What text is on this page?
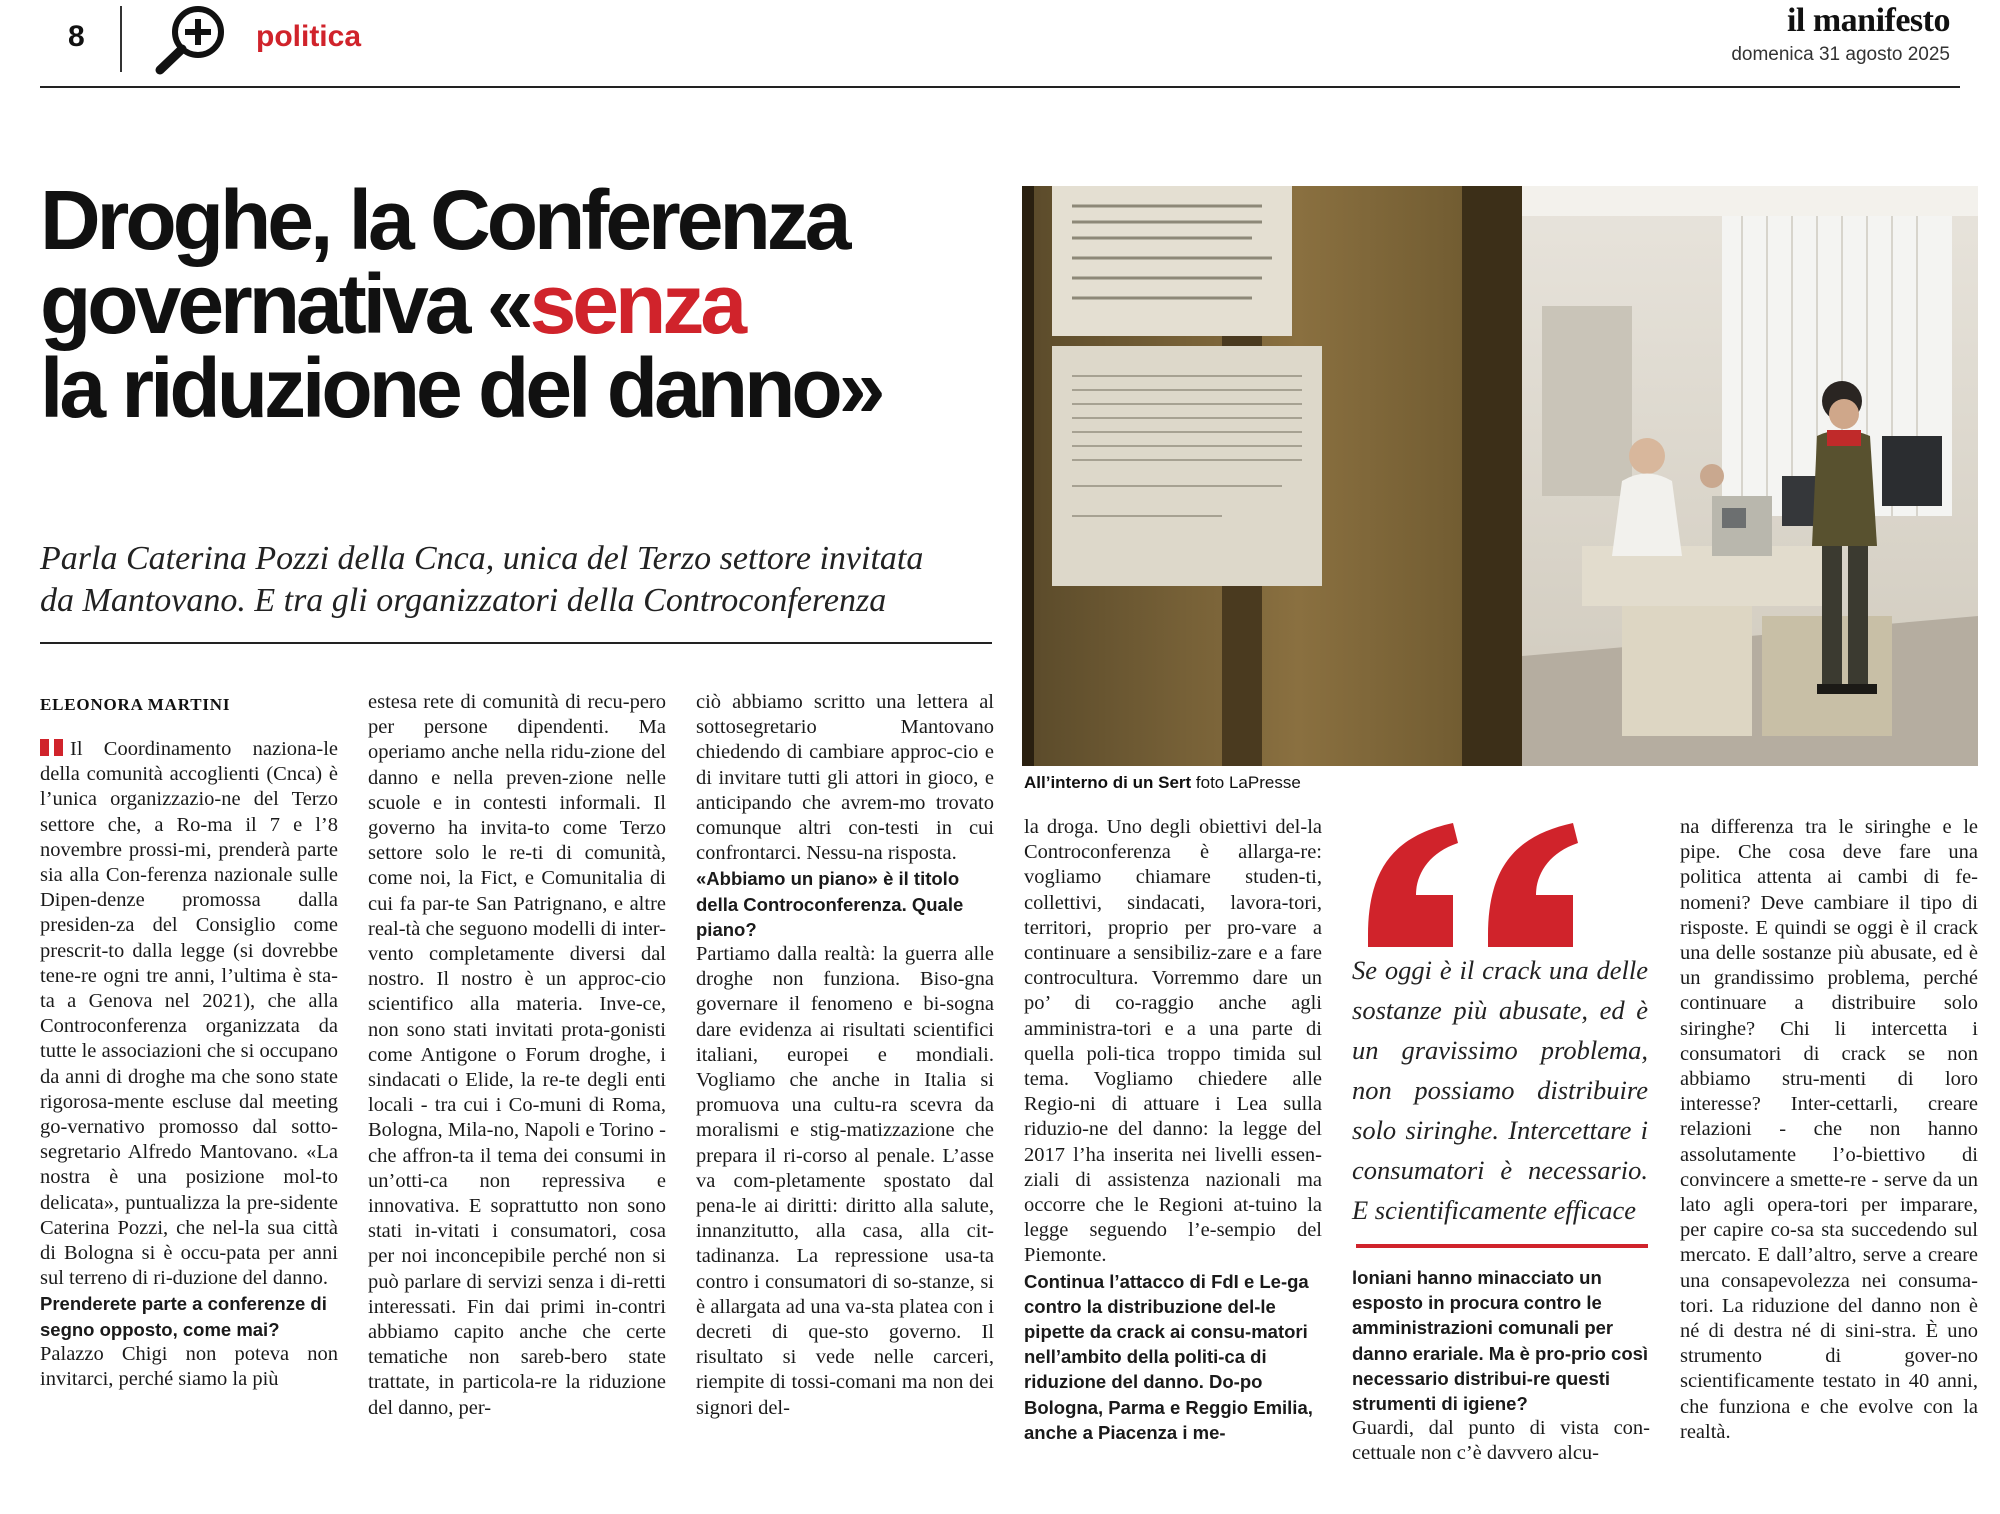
8	politica	il manifesto
domenica 31 agosto 2025
Droghe, la Conferenza
governativa «senza
la riduzione del danno»
Parla Caterina Pozzi della Cnca, unica del Terzo settore invitata
da Mantovano. E tra gli organizzatori della Controconferenza
All’interno di un Sert foto LaPresse
ELEONORA MARTINI

Il Coordinamento naziona-le della comunità accoglienti (Cnca) è l’unica organizzazio-ne del Terzo settore che, a Ro-ma il 7 e l’8 novembre prossi-mi, prenderà parte sia alla Con-ferenza nazionale sulle Dipen-denze promossa dalla presiden-za del Consiglio come prescrit-to dalla legge (si dovrebbe tene-re ogni tre anni, l’ultima è sta-ta a Genova nel 2021), che alla Controconferenza organizzata da tutte le associazioni che si occupano da anni di droghe ma che sono state rigorosa-mente escluse dal meeting go-vernativo promosso dal sotto-segretario Alfredo Mantovano. «La nostra è una posizione mol-to delicata», puntualizza la pre-sidente Caterina Pozzi, che nel-la sua città di Bologna si è occu-pata per anni sul terreno di ri-duzione del danno.

Prenderete parte a conferenze di segno opposto, come mai?

Palazzo Chigi non poteva non invitarci, perché siamo la più

estesa rete di comunità di recu-pero per persone dipendenti. Ma operiamo anche nella ridu-zione del danno e nella preven-zione nelle scuole e in contesti informali. Il governo ha invita-to come Terzo settore solo le re-ti di comunità, come noi, la Fict, e Comunitalia di cui fa par-te San Patrignano, e altre real-tà che seguono modelli di inter-vento completamente diversi dal nostro. Il nostro è un approc-cio scientifico alla materia. Inve-ce, non sono stati invitati prota-gonisti come Antigone o Forum droghe, i sindacati o Elide, la re-te degli enti locali - tra cui i Co-muni di Roma, Bologna, Mila-no, Napoli e Torino - che affron-ta il tema dei consumi in un’otti-ca non repressiva e innovativa. E soprattutto non sono stati in-vitati i consumatori, cosa per noi inconcepibile perché non si può parlare di servizi senza i di-retti interessati. Fin dai primi in-contri abbiamo capito anche che certe tematiche non sareb-bero state trattate, in particola-re la riduzione del danno, per-

ciò abbiamo scritto una lettera al sottosegretario Mantovano chiedendo di cambiare approc-cio e di invitare tutti gli attori in gioco, e anticipando che avrem-mo trovato comunque altri con-testi in cui confrontarci. Nessu-na risposta.

«Abbiamo un piano» è il titolo della Controconferenza. Quale piano?

Partiamo dalla realtà: la guerra alle droghe non funziona. Biso-gna governare il fenomeno e bi-sogna dare evidenza ai risultati scientifici italiani, europei e mondiali. Vogliamo che anche in Italia si promuova una cultu-ra scevra da moralismi e stig-matizzazione che prepara il ri-corso al penale. L’asse va com-pletamente spostato dal pena-le ai diritti: diritto alla salute, innanzitutto, alla casa, alla cit-tadinanza. La repressione usa-ta contro i consumatori di so-stanze, si è allargata ad una va-sta platea con i decreti di que-sto governo. Il risultato si vede nelle carceri, riempite di tossi-comani ma non dei signori del-

la droga. Uno degli obiettivi del-la Controconferenza è allarga-re: vogliamo chiamare studen-ti, collettivi, sindacati, lavora-tori, territori, proprio per pro-vare a continuare a sensibiliz-zare e a fare controcultura. Vorremmo dare un po’ di co-raggio anche agli amministra-tori e a una parte di quella poli-tica troppo timida sul tema. Vogliamo chiedere alle Regio-ni di attuare i Lea sulla riduzio-ne del danno: la legge del 2017 l’ha inserita nei livelli essen-ziali di assistenza nazionali ma occorre che le Regioni at-tuino la legge seguendo l’e-sempio del Piemonte.

Continua l’attacco di FdI e Le-ga contro la distribuzione del-le pipette da crack ai consu-matori nell’ambito della politi-ca di riduzione del danno. Do-po Bologna, Parma e Reggio Emilia, anche a Piacenza i me-

Se oggi è il crack una delle sostanze più abusate, ed è un gravissimo problema, non possiamo distribuire solo siringhe. Intercettare i consumatori è necessario. E scientificamente efficace

loniani hanno minacciato un esposto in procura contro le amministrazioni comunali per danno erariale. Ma è pro-prio così necessario distribui-re questi strumenti di igiene?

Guardi, dal punto di vista con-cettuale non c’è davvero alcu-

na differenza tra le siringhe e le pipe. Che cosa deve fare una politica attenta ai cambi di fe-nomeni? Deve cambiare il tipo di risposte. E quindi se oggi è il crack una delle sostanze più abusate, ed è un grandissimo problema, perché continuare a distribuire solo siringhe? Chi li intercetta i consumatori di crack se non abbiamo stru-menti di loro interesse? Inter-cettarli, creare relazioni - che non hanno assolutamente l’o-biettivo di convincere a smette-re - serve da un lato agli opera-tori per imparare, per capire co-sa sta succedendo sul mercato. E dall’altro, serve a creare una consapevolezza nei consuma-tori. La riduzione del danno non è né di destra né di sini-stra. È uno strumento di gover-no scientificamente testato in 40 anni, che funziona e che evolve con la realtà.
